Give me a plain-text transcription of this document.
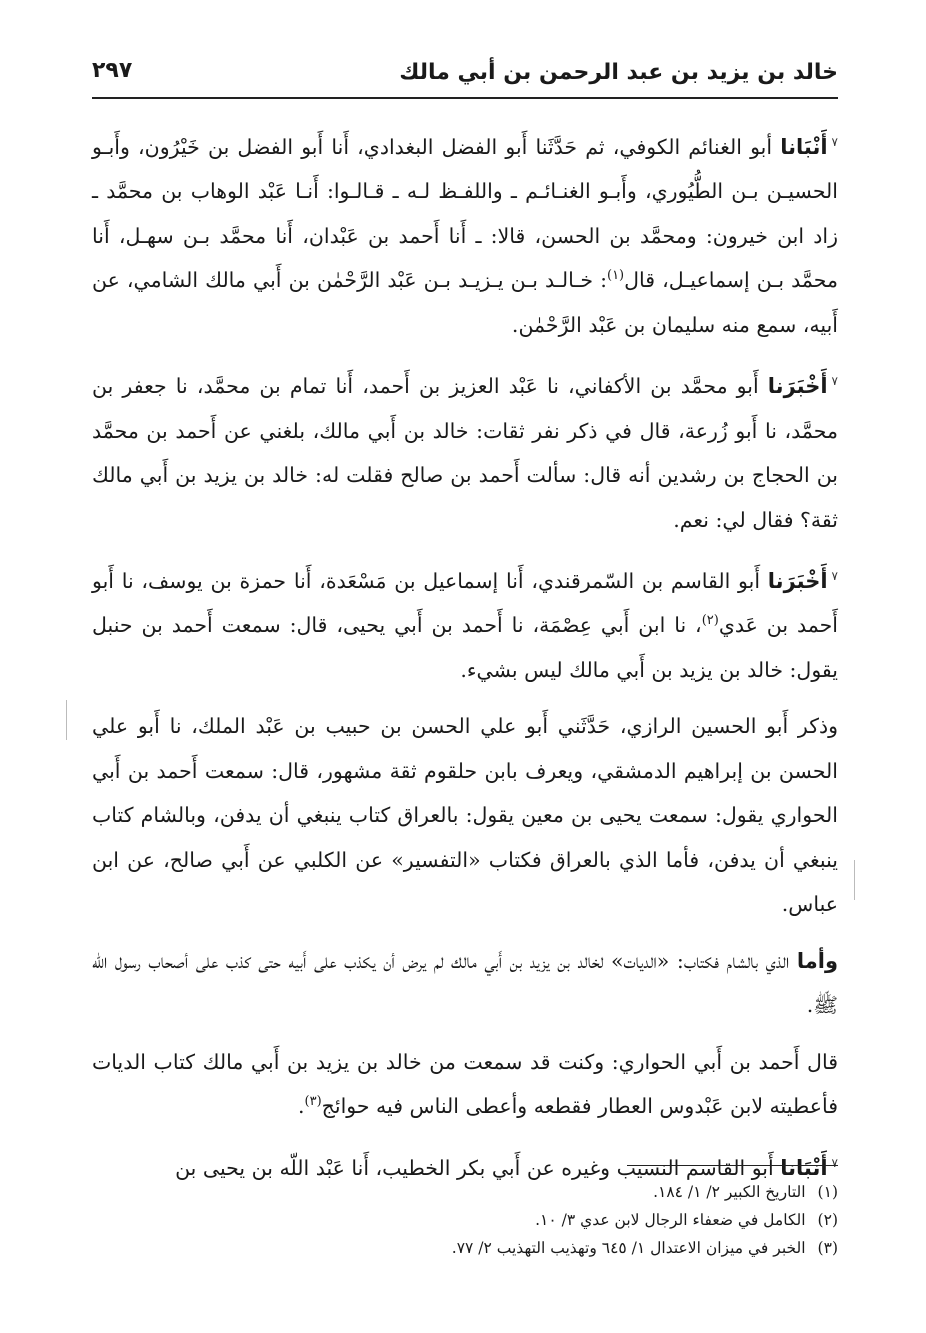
خالد بن يزيد بن عبد الرحمن بن أبي مالك
٢٩٧

$^٧$أَنْبَانا أبو الغنائم الكوفي، ثم حَدَّثَنا أَبو الفضل البغدادي، أَنا أَبو الفضل بن خَيْرُون، وأَبـو الحسيـن بـن الطُّيُوري، وأَبـو الغنـائـم ـ واللفـظ لـه ـ قـالـوا: أَنـا عَبْد الوهاب بن محمَّد ـ زاد ابن خيرون: ومحمَّد بن الحسن، قالا: ـ أَنا أَحمد بن عَبْدان، أَنا محمَّد بـن سهـل، أَنا محمَّد بـن إسماعيـل، قال$^{(١)}$: خـالـد بـن يـزيـد بـن عَبْد الرَّحْمٰن بن أَبي مالك الشامي، عن أَبيه، سمع منه سليمان بن عَبْد الرَّحْمٰن.

$^٧$أَخْبَرَنا أَبو محمَّد بن الأكفاني، نا عَبْد العزيز بن أَحمد، أَنا تمام بن محمَّد، نا جعفر بن محمَّد، نا أَبو زُرعة، قال في ذكر نفر ثقات: خالد بن أَبي مالك، بلغني عن أَحمد بن محمَّد بن الحجاج بن رشدين أنه قال: سألت أَحمد بن صالح فقلت له: خالد بن يزيد بن أَبي مالك ثقة؟ فقال لي: نعم.

$^٧$أَخْبَرَنا أَبو القاسم بن السّمرقندي، أَنا إسماعيل بن مَسْعَدة، أَنا حمزة بن يوسف، نا أَبو أَحمد بن عَدي$^{(٢)}$، نا ابن أَبي عِصْمَة، نا أَحمد بن أَبي يحيى، قال: سمعت أَحمد بن حنبل يقول: خالد بن يزيد بن أَبي مالك ليس بشيء.

وذكر أَبو الحسين الرازي، حَدَّثَني أَبو علي الحسن بن حبيب بن عَبْد الملك، نا أَبو علي الحسن بن إبراهيم الدمشقي، ويعرف بابن حلقوم ثقة مشهور، قال: سمعت أَحمد بن أَبي الحواري يقول: سمعت يحيى بن معين يقول: بالعراق كتاب ينبغي أن يدفن، وبالشام كتاب ينبغي أن يدفن، فأما الذي بالعراق فكتاب «التفسير» عن الكلبي عن أَبي صالح، عن ابن عباس.

وأما الذي بالشام فكتاب: «الديات» لخالد بن يزيد بن أَبي مالك لم يرض أن يكذب على أَبيه حتى كذب على أصحاب رسول الله ﷺ.

قال أَحمد بن أَبي الحواري: وكنت قد سمعت من خالد بن يزيد بن أَبي مالك كتاب الديات فأعطيته لابن عَبْدوس العطار فقطعه وأعطى الناس فيه حوائج$^{(٣)}$.

$^٧$أَنْبَانا أَبو القاسم النسيب وغيره عن أَبي بكر الخطيب، أَنا عَبْد اللّه بن يحيى بن

(١)التاريخ الكبير ٢/ ١/ ١٨٤.

(٢)الكامل في ضعفاء الرجال لابن عدي ٣/ ١٠.

(٣)الخبر في ميزان الاعتدال ١/ ٦٤٥ وتهذيب التهذيب ٢/ ٧٧.
